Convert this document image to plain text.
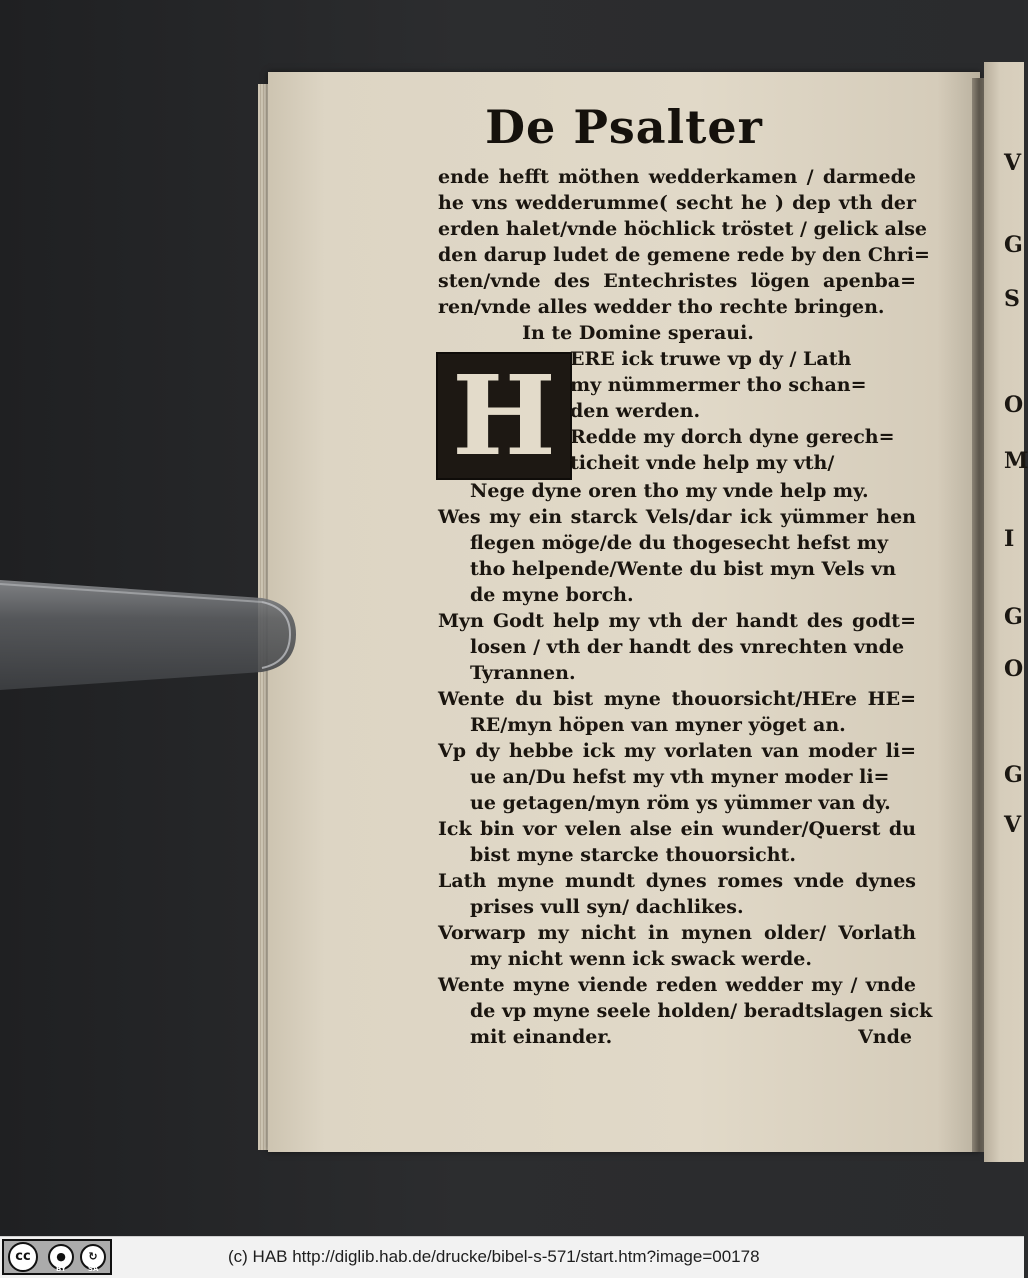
V
G
S
O
M
I
G
O
G
V
De Psalter
H
ende hefft möthen wedderkamen / darmede
he vns wedderumme( secht he ) dep vth der
erden halet/vnde höchlick tröstet / gelick alse
den darup ludet de gemene rede by den Chri=
sten/vnde des Entechristes lögen apenba=
ren/vnde alles wedder tho rechte bringen.
In te Domine speraui.
ERE ick truwe vp dy / Lath
my nümmermer tho schan=
den werden.
Redde my dorch dyne gerech=
ticheit vnde help my vth/
Nege dyne oren tho my vnde help my.
Wes my ein starck Vels/dar ick yümmer hen
flegen möge/de du thogesecht hefst my
tho helpende/Wente du bist myn Vels vn
de myne borch.
Myn Godt help my vth der handt des godt=
losen / vth der handt des vnrechten vnde
Tyrannen.
Wente du bist myne thouorsicht/HEre HE=
RE/myn höpen van myner yöget an.
Vp dy hebbe ick my vorlaten van moder li=
ue an/Du hefst my vth myner moder li=
ue getagen/myn röm ys yümmer van dy.
Ick bin vor velen alse ein wunder/Querst du
bist myne starcke thouorsicht.
Lath myne mundt dynes romes vnde dynes
prises vull syn/ dachlikes.
Vorwarp my nicht in mynen older/ Vorlath
my nicht wenn ick swack werde.
Wente myne viende reden wedder my / vnde
de vp myne seele holden/ beradtslagen sick
mit einander.	Vnde
cc	●	↻
BY	SA
(c) HAB http://diglib.hab.de/drucke/bibel-s-571/start.htm?image=00178
